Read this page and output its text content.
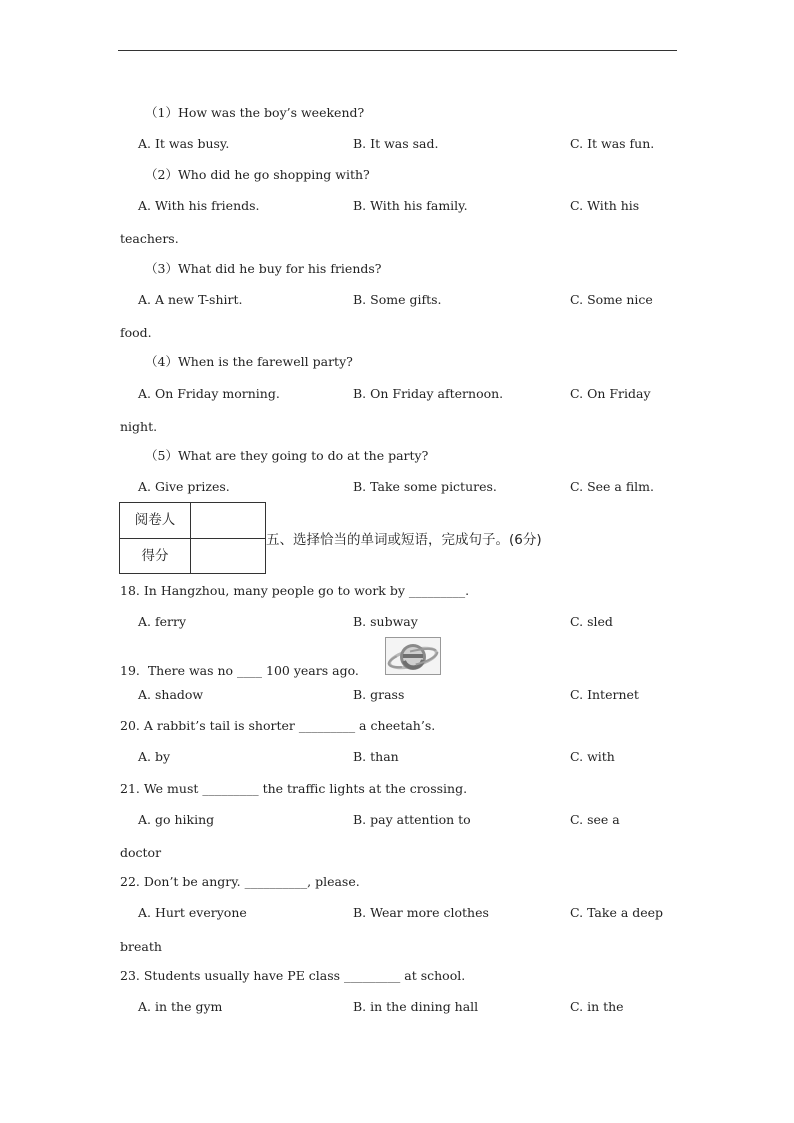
（1）How was the boy’s weekend?
A. It was busy.	B. It was sad.	C. It was fun.
（2）Who did he go shopping with?
A. With his friends.	B. With his family.	C. With his
teachers.
（3）What did he buy for his friends?
A. A new T-shirt.	B. Some gifts.	C. Some nice
food.
（4）When is the farewell party?
A. On Friday morning.	B. On Friday afternoon.	C. On Friday
night.
（5）What are they going to do at the party?
A. Give prizes.	B. Take some pictures.	C. See a film.
阅卷人
得分
五、选择恰当的单词或短语，完成句子。(6分)
18. In Hangzhou, many people go to work by _________.
A. ferry	B. subway	C. sled
19.  There was no ____ 100 years ago.
A. shadow	B. grass	C. Internet
20. A rabbit’s tail is shorter _________ a cheetah’s.
A. by	B. than	C. with
21. We must _________ the traffic lights at the crossing.
A. go hiking	B. pay attention to	C. see a
doctor
22. Don’t be angry. __________, please.
A. Hurt everyone	B. Wear more clothes	C. Take a deep
breath
23. Students usually have PE class _________ at school.
A. in the gym	B. in the dining hall	C. in the
